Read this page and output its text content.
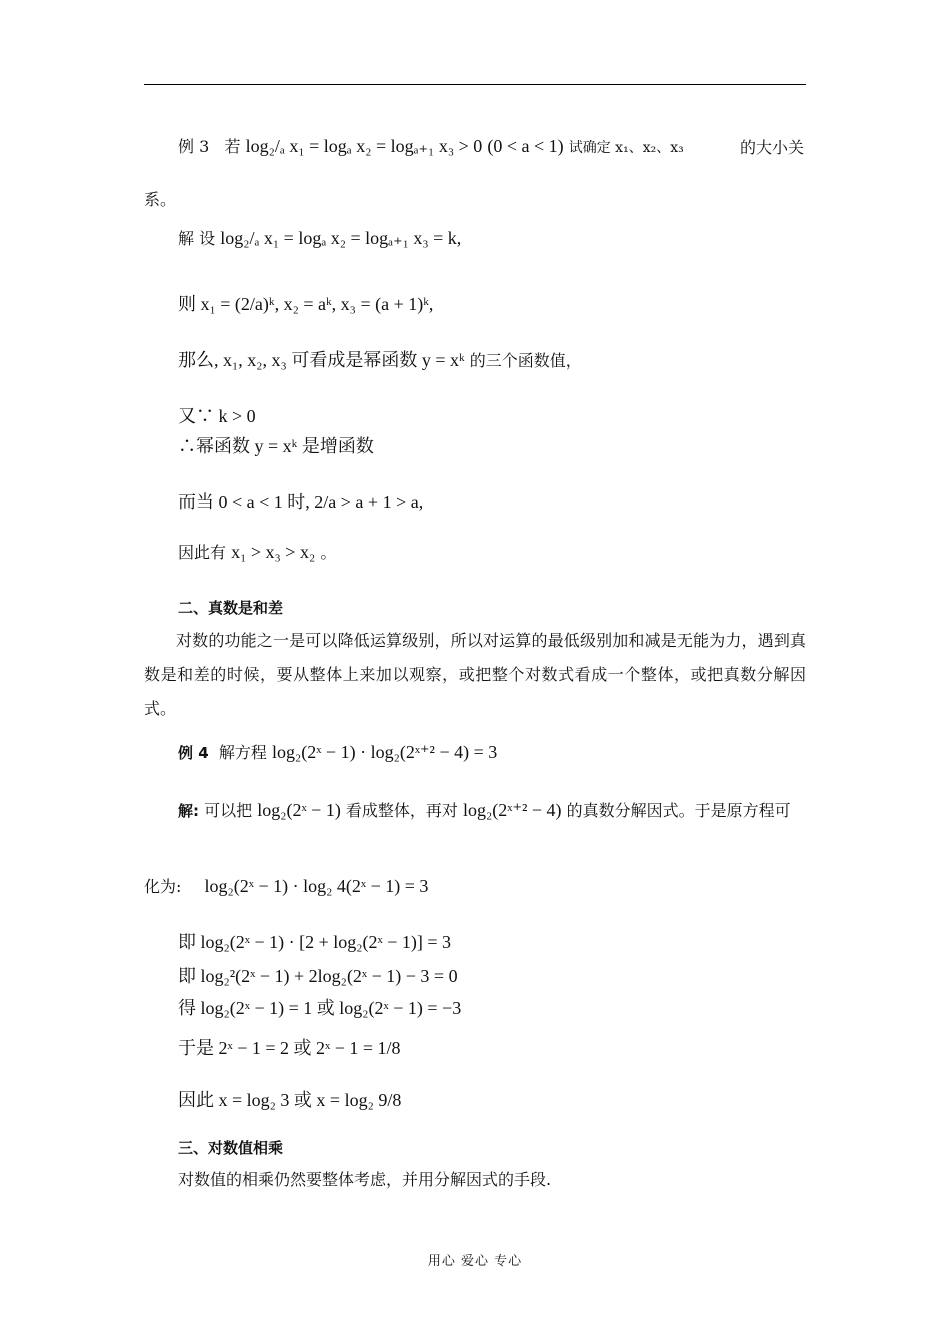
例 3 若 log₂/ₐ x₁ = logₐ x₂ = logₐ₊₁ x₃ > 0 (0 < a < 1) 试确定 x₁、x₂、x₃	的大小关
系。
解 设 log₂/ₐ x₁ = logₐ x₂ = logₐ₊₁ x₃ = k,
则 x₁ = (2/a)ᵏ, x₂ = aᵏ, x₃ = (a + 1)ᵏ,
那么, x₁, x₂, x₃ 可看成是幂函数 y = xᵏ 的三个函数值，
又∵ k > 0
∴幂函数 y = xᵏ 是增函数
而当 0 < a < 1 时, 2/a > a + 1 > a,
因此有 x₁ > x₃ > x₂ 。
二、真数是和差
对数的功能之一是可以降低运算级别，所以对运算的最低级别加和减是无能为力，遇到真数是和差的时候，要从整体上来加以观察，或把整个对数式看成一个整体，或把真数分解因式。
例 4 解方程 log₂(2ˣ − 1) · log₂(2ˣ⁺² − 4) = 3
解: 可以把 log₂(2ˣ − 1) 看成整体，再对 log₂(2ˣ⁺² − 4) 的真数分解因式。于是原方程可
化为: log₂(2ˣ − 1) · log₂ 4(2ˣ − 1) = 3
即 log₂(2ˣ − 1) · [2 + log₂(2ˣ − 1)] = 3
即 log₂²(2ˣ − 1) + 2log₂(2ˣ − 1) − 3 = 0
得 log₂(2ˣ − 1) = 1 或 log₂(2ˣ − 1) = −3
于是 2ˣ − 1 = 2 或 2ˣ − 1 = 1/8
因此 x = log₂ 3 或 x = log₂ 9/8
三、对数值相乘
对数值的相乘仍然要整体考虑，并用分解因式的手段.
用心 爱心 专心
